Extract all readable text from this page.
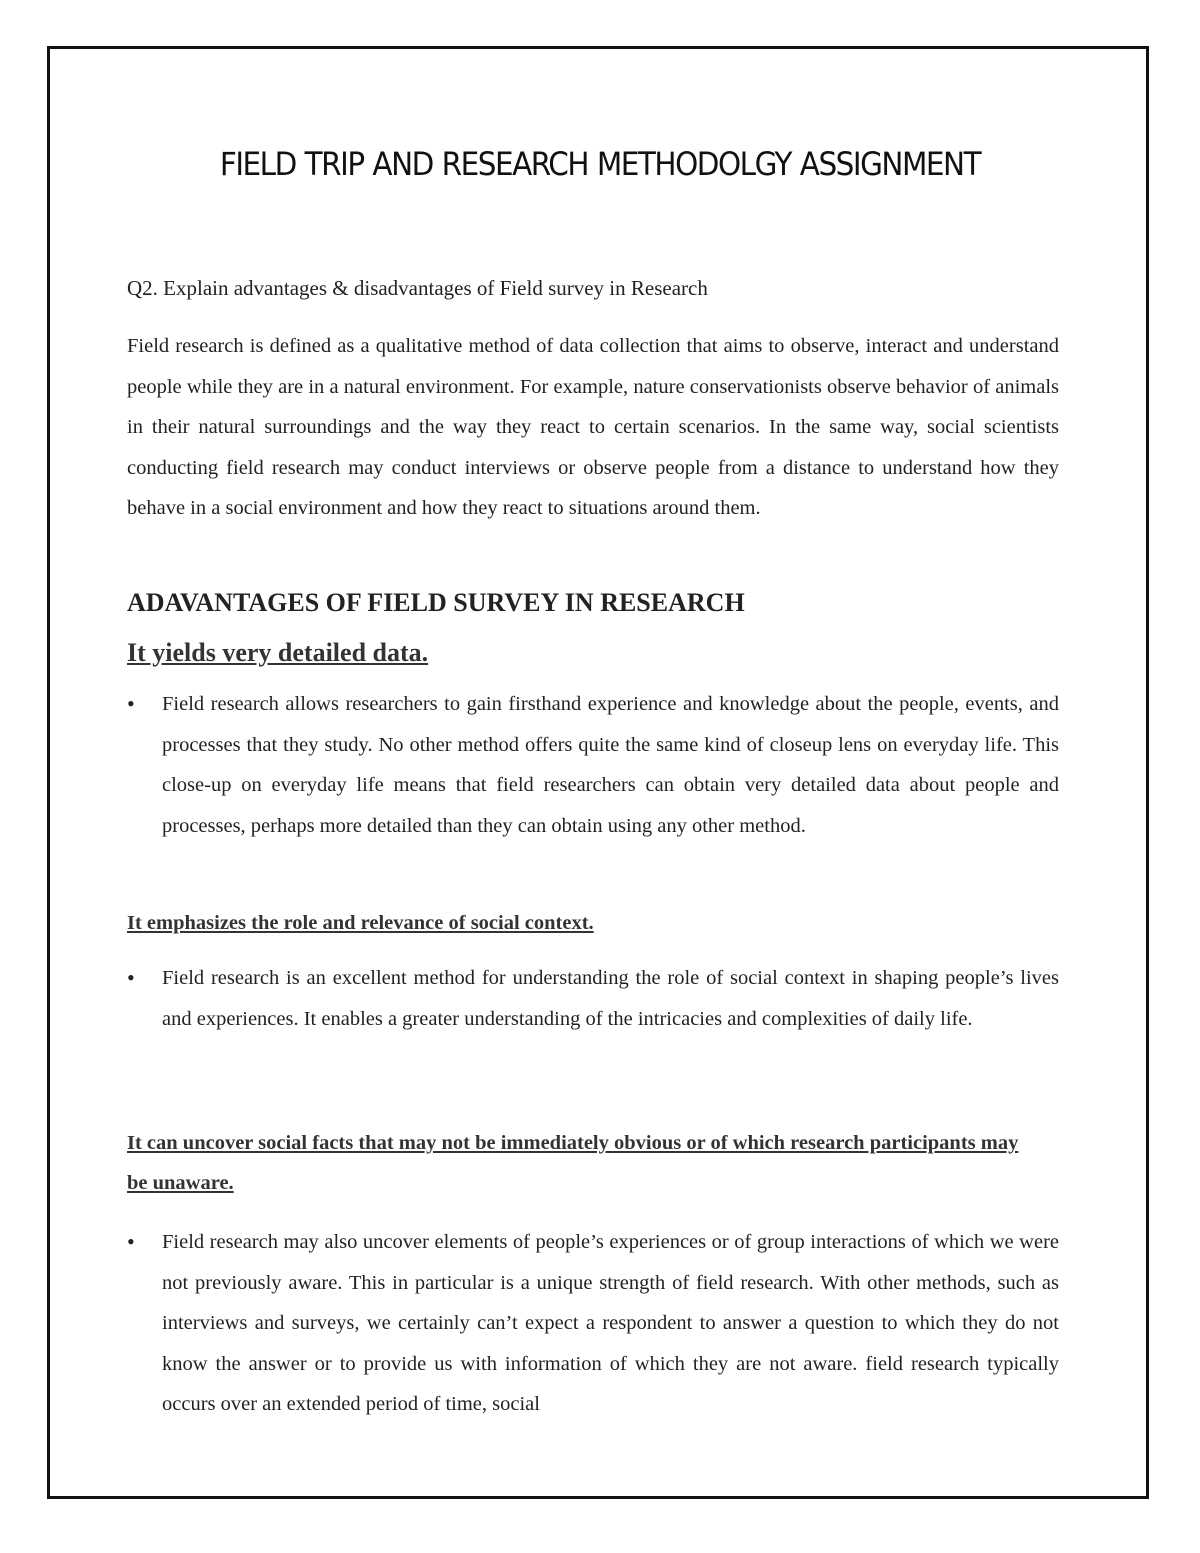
FIELD TRIP AND RESEARCH METHODOLGY ASSIGNMENT

Q2. Explain advantages & disadvantages of Field survey in Research

Field research is defined as a qualitative method of data collection that aims to observe, interact and understand people while they are in a natural environment. For example, nature conservationists observe behavior of animals in their natural surroundings and the way they react to certain scenarios. In the same way, social scientists conducting field research may conduct interviews or observe people from a distance to understand how they behave in a social environment and how they react to situations around them.

ADAVANTAGES OF FIELD SURVEY IN RESEARCH
It yields very detailed data.
• Field research allows researchers to gain firsthand experience and knowledge about the people, events, and processes that they study. No other method offers quite the same kind of closeup lens on everyday life. This close-up on everyday life means that field researchers can obtain very detailed data about people and processes, perhaps more detailed than they can obtain using any other method.

It emphasizes the role and relevance of social context.

• Field research is an excellent method for understanding the role of social context in shaping people’s lives and experiences. It enables a greater understanding of the intricacies and complexities of daily life.

It can uncover social facts that may not be immediately obvious or of which research participants may be unaware.

• Field research may also uncover elements of people’s experiences or of group interactions of which we were not previously aware. This in particular is a unique strength of field research. With other methods, such as interviews and surveys, we certainly can’t expect a respondent to answer a question to which they do not know the answer or to provide us with information of which they are not aware. field research typically occurs over an extended period of time, social
